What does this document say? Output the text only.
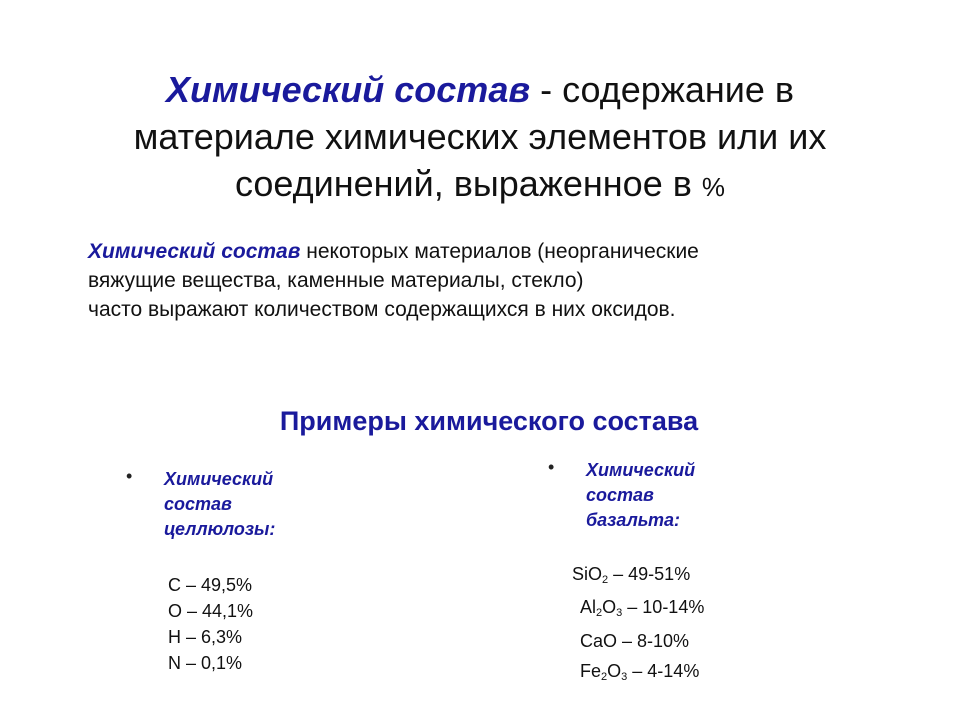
Химический состав - содержание в
материале химических элементов или их
соединений, выраженное в %
Химический состав некоторых материалов (неорганические
вяжущие вещества, каменные материалы, стекло)
часто выражают количеством содержащихся в них оксидов.
Примеры химического состава
• Химический
состав
целлюлозы:
С – 49,5%
О – 44,1%
Н – 6,3%
N – 0,1%
• Химический
состав
базальта:
SiO$_2$ – 49-51%
$Al_2O_3 - 10-14\%$
CaO – 8-10%
$Fe_2O_3 - 4-14\%$
